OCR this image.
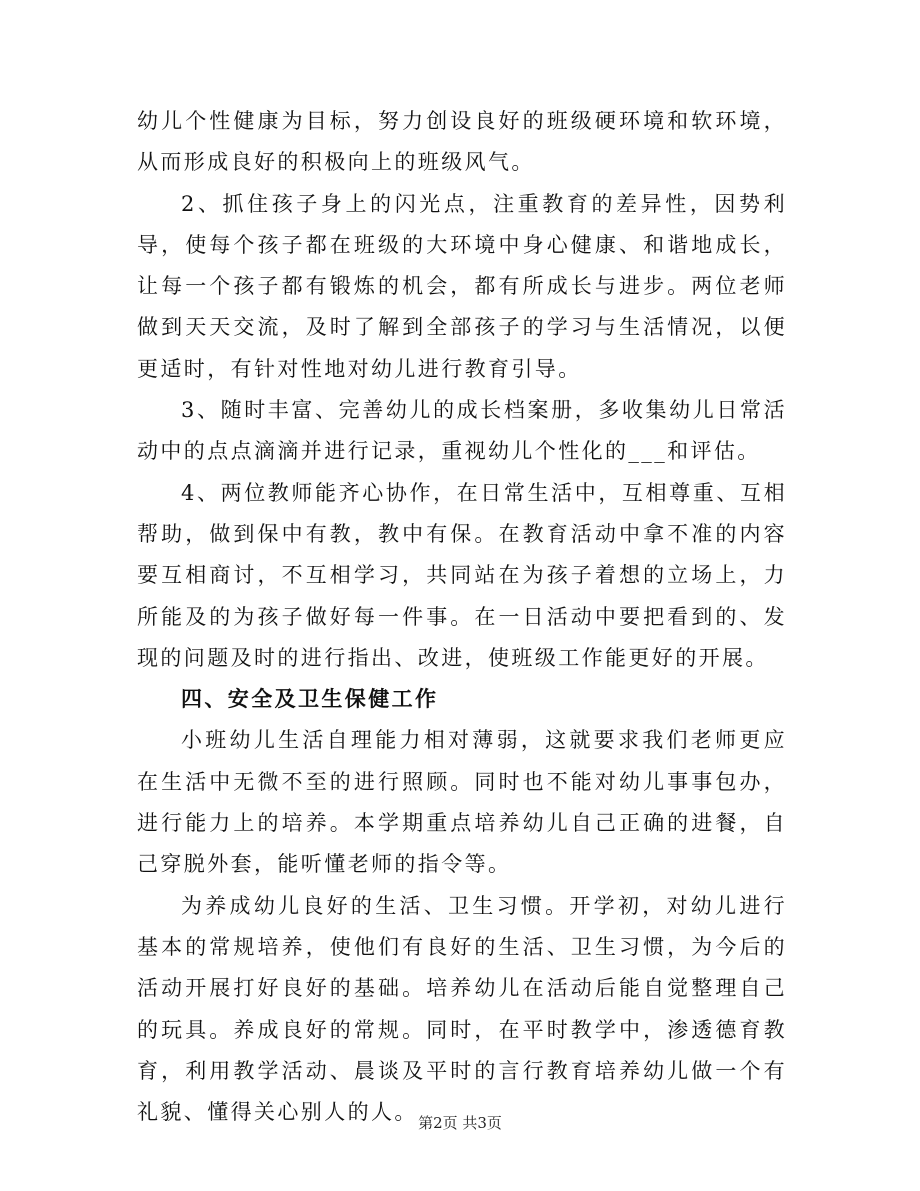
幼儿个性健康为目标，努力创设良好的班级硬环境和软环境，从而形成良好的积极向上的班级风气。

2、抓住孩子身上的闪光点，注重教育的差异性，因势利导，使每个孩子都在班级的大环境中身心健康、和谐地成长，让每一个孩子都有锻炼的机会，都有所成长与进步。两位老师做到天天交流，及时了解到全部孩子的学习与生活情况，以便更适时，有针对性地对幼儿进行教育引导。

3、随时丰富、完善幼儿的成长档案册，多收集幼儿日常活动中的点点滴滴并进行记录，重视幼儿个性化的___和评估。

4、两位教师能齐心协作，在日常生活中，互相尊重、互相帮助，做到保中有教，教中有保。在教育活动中拿不准的内容要互相商讨，不互相学习，共同站在为孩子着想的立场上，力所能及的为孩子做好每一件事。在一日活动中要把看到的、发现的问题及时的进行指出、改进，使班级工作能更好的开展。

四、安全及卫生保健工作

小班幼儿生活自理能力相对薄弱，这就要求我们老师更应在生活中无微不至的进行照顾。同时也不能对幼儿事事包办，进行能力上的培养。本学期重点培养幼儿自己正确的进餐，自己穿脱外套，能听懂老师的指令等。

为养成幼儿良好的生活、卫生习惯。开学初，对幼儿进行基本的常规培养，使他们有良好的生活、卫生习惯，为今后的活动开展打好良好的基础。培养幼儿在活动后能自觉整理自己的玩具。养成良好的常规。同时，在平时教学中，渗透德育教育，利用教学活动、晨谈及平时的言行教育培养幼儿做一个有礼貌、懂得关心别人的人。 第2页 共3页
